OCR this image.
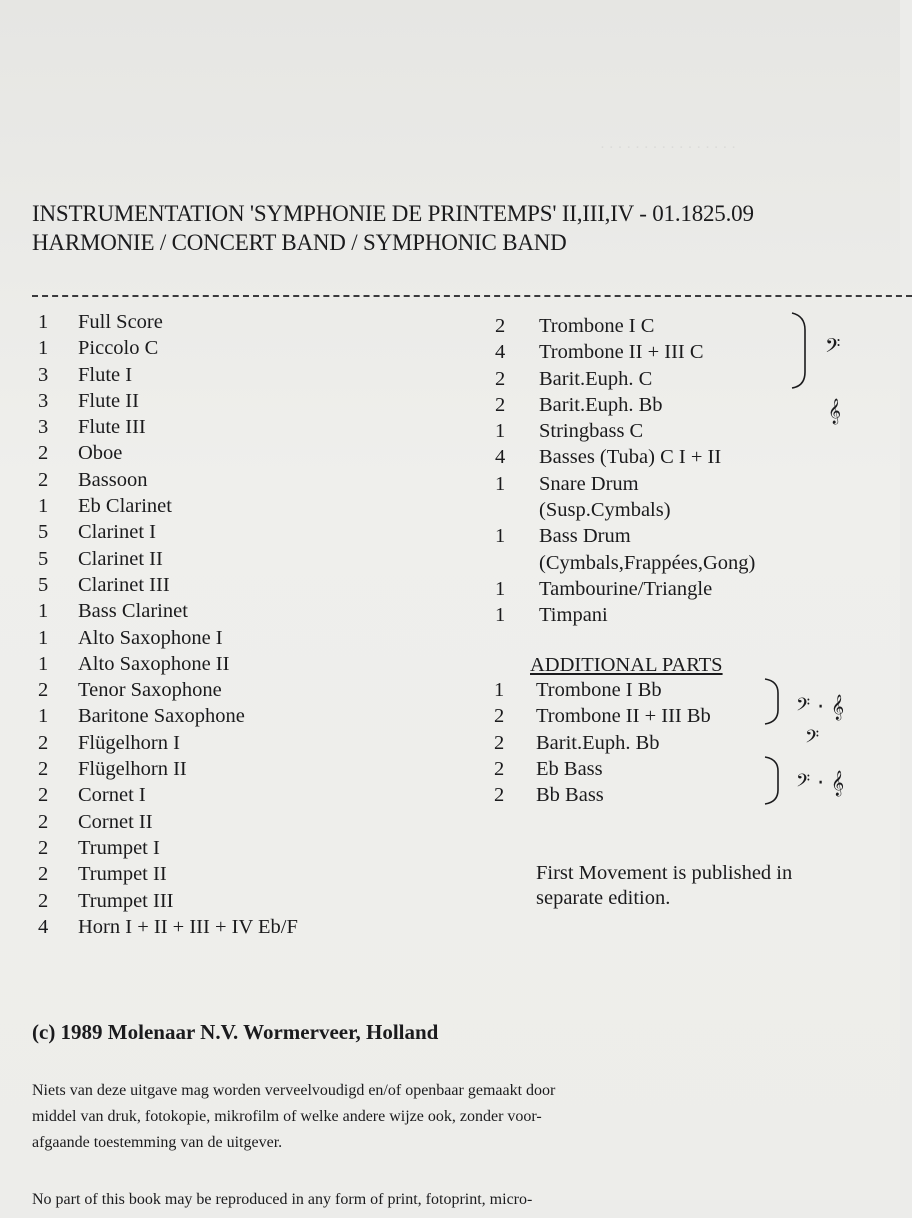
· · · · · · · · · · · · · · · ·
INSTRUMENTATION 'SYMPHONIE DE PRINTEMPS' II,III,IV - 01.1825.09
HARMONIE / CONCERT BAND / SYMPHONIC BAND
1 Full Score
1 Piccolo C
3 Flute I
3 Flute II
3 Flute III
2 Oboe
2 Bassoon
1 Eb Clarinet
5 Clarinet I
5 Clarinet II
5 Clarinet III
1 Bass Clarinet
1 Alto Saxophone I
1 Alto Saxophone II
2 Tenor Saxophone
1 Baritone Saxophone
2 Flügelhorn I
2 Flügelhorn II
2 Cornet I
2 Cornet II
2 Trumpet I
2 Trumpet II
2 Trumpet III
4 Horn I + II + III + IV Eb/F
2 Trombone I C
4 Trombone II + III C
2 Barit.Euph. C
2 Barit.Euph. Bb
1 Stringbass C
4 Basses (Tuba) C I + II
1 Snare Drum
(Susp.Cymbals)
1 Bass Drum
(Cymbals,Frappées,Gong)
1 Tambourine/Triangle
1 Timpani
ADDITIONAL PARTS
1 Trombone I Bb
2 Trombone II + III Bb
2 Barit.Euph. Bb
2 Eb Bass
2 Bb Bass
𝄢
𝄞
𝄢 · 𝄞
𝄢
𝄢 · 𝄞
First Movement is published in separate edition.
(c) 1989 Molenaar N.V. Wormerveer, Holland
Niets van deze uitgave mag worden verveelvoudigd en/of openbaar gemaakt door
middel van druk, fotokopie, mikrofilm of welke andere wijze ook, zonder voor-
afgaande toestemming van de uitgever.
No part of this book may be reproduced in any form of print, fotoprint, micro-
